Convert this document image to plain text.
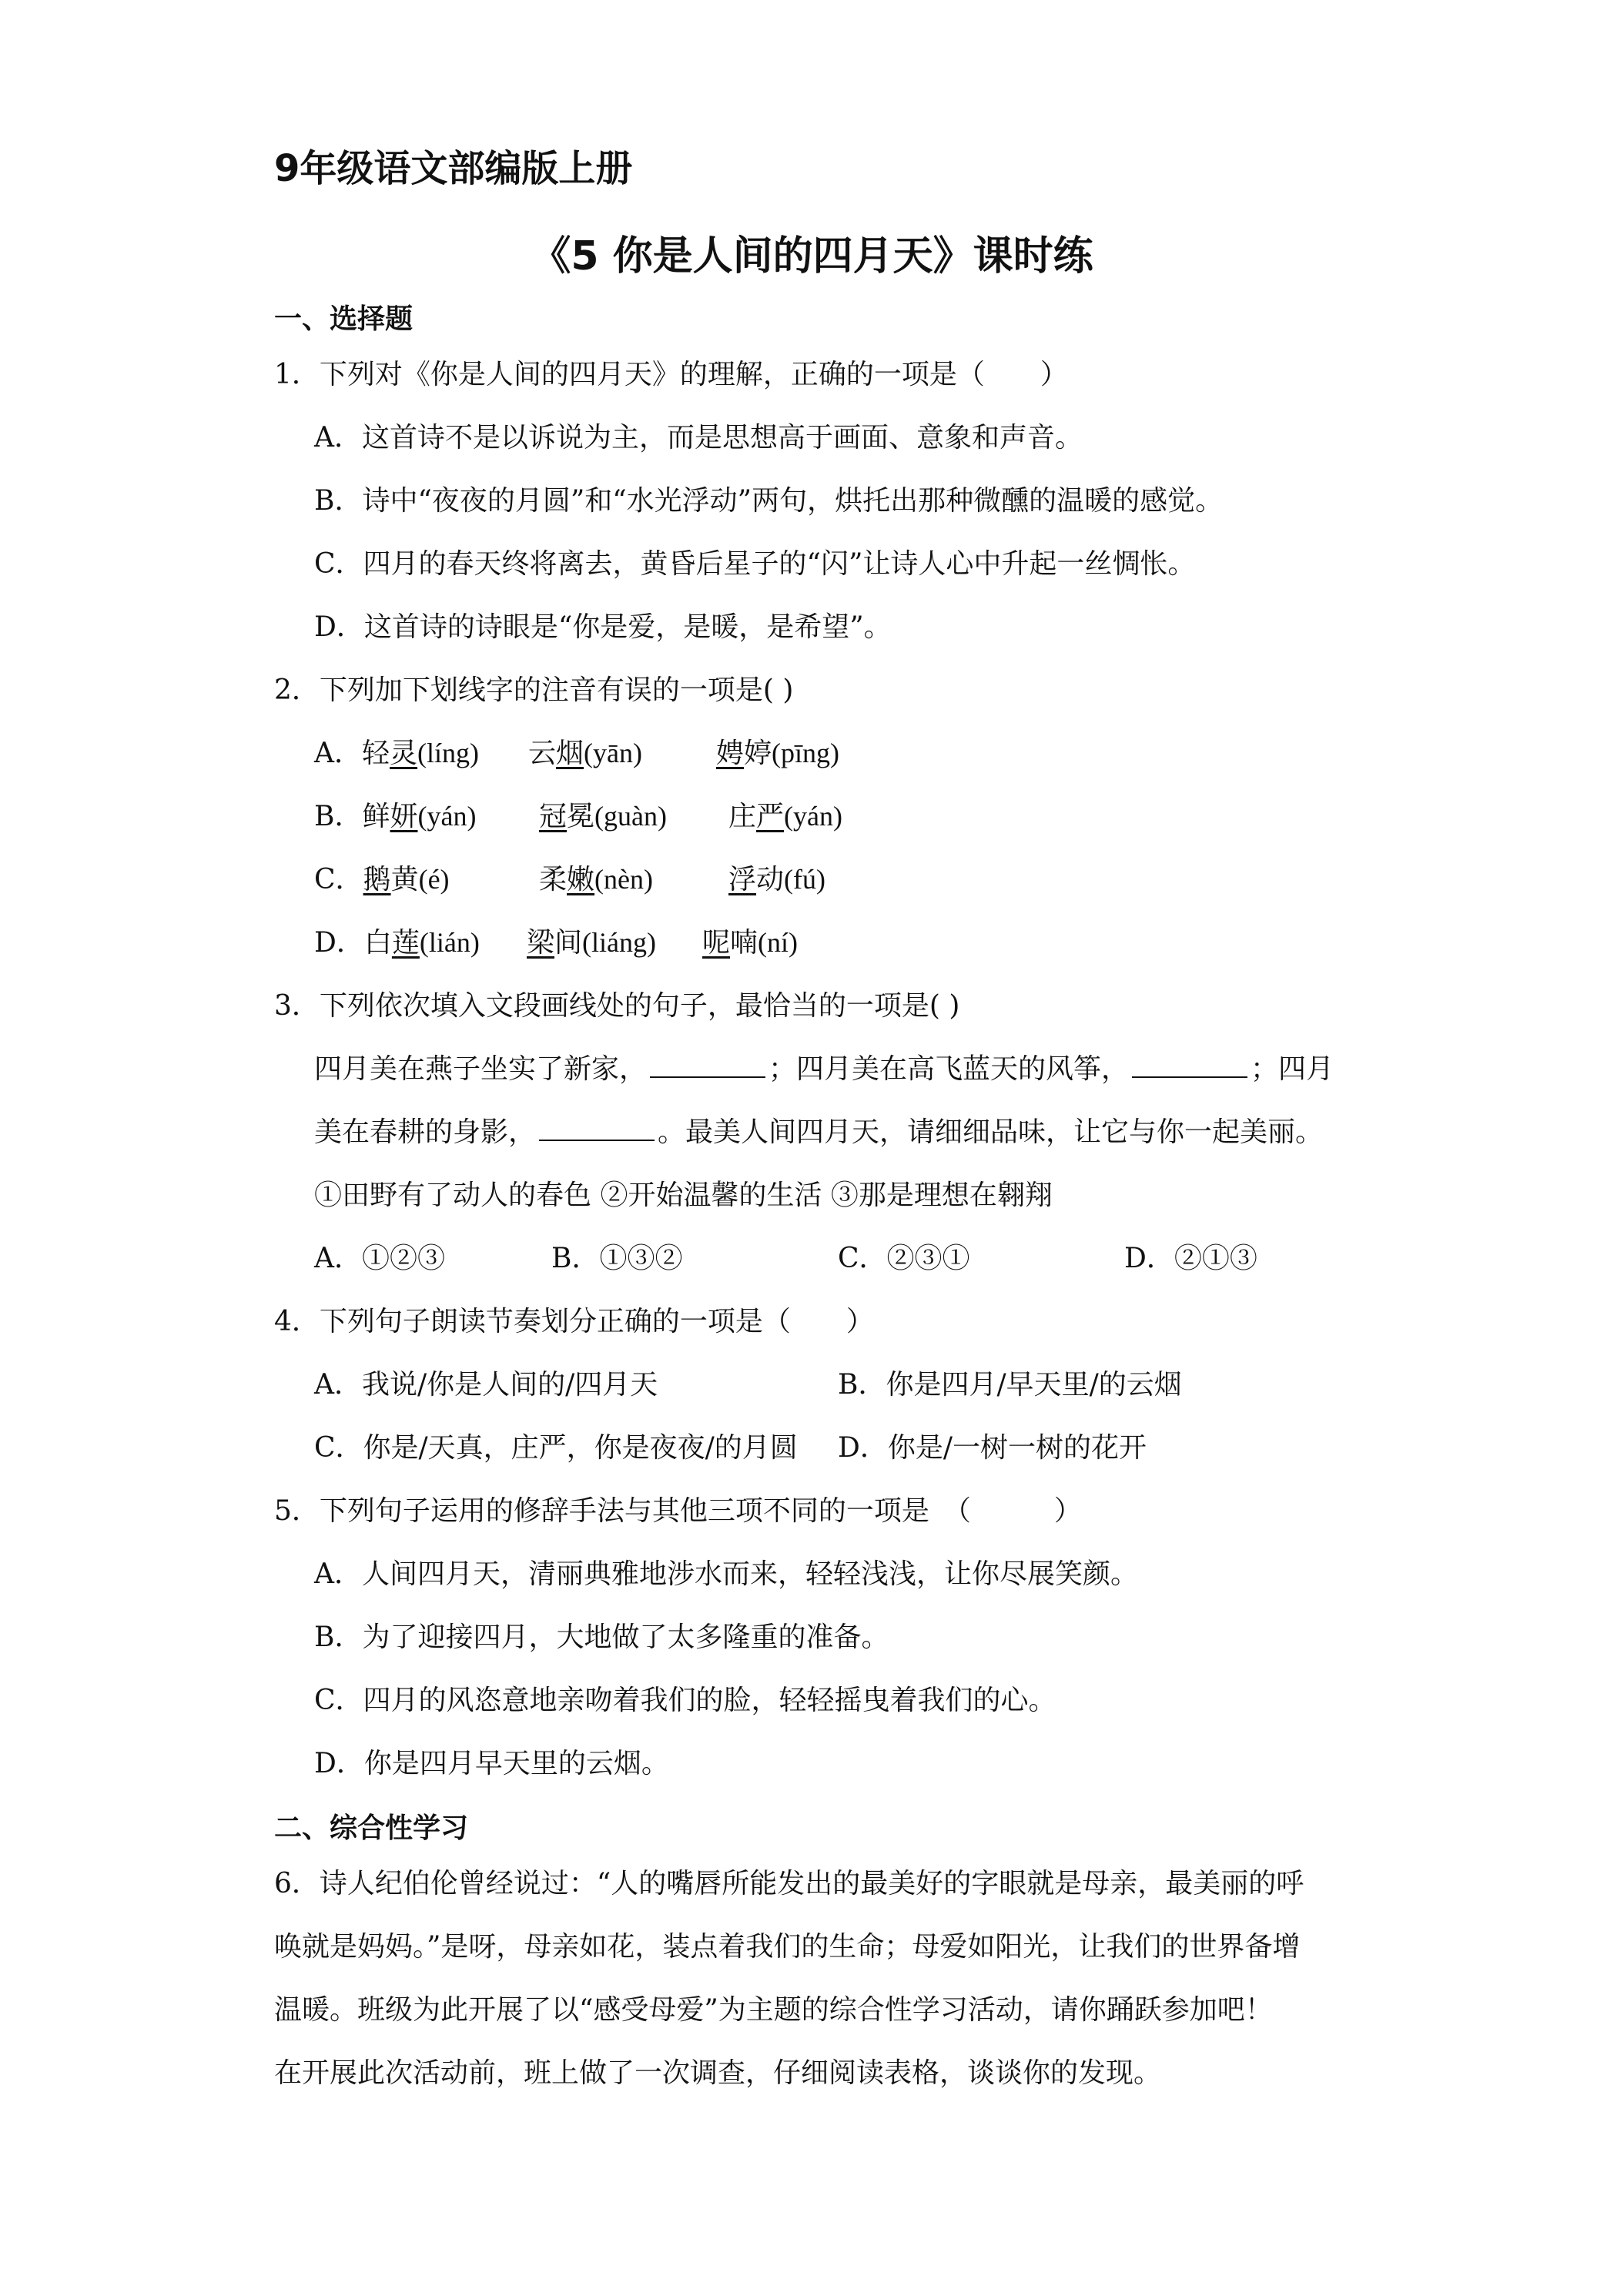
9年级语文部编版上册
《5 你是人间的四月天》课时练
一、选择题
1．下列对《你是人间的四月天》的理解，正确的一项是（　　）
A．这首诗不是以诉说为主，而是思想高于画面、意象和声音。
B．诗中“夜夜的月圆”和“水光浮动”两句，烘托出那种微醺的温暖的感觉。
C．四月的春天终将离去，黄昏后星子的“闪”让诗人心中升起一丝惆怅。
D．这首诗的诗眼是“你是爱，是暖，是希望”。
2．下列加下划线字的注音有误的一项是( )
A．轻灵(líng) 云烟(yān)	娉婷(pīng)
B．鲜妍(yán) 冠冕(guàn) 庄严(yán)
C．鹅黄(é)	柔嫩(nèn)	浮动(fú)
D．白莲(lián) 梁间(liáng) 呢喃(ní)
3．下列依次填入文段画线处的句子，最恰当的一项是( )
四月美在燕子坐实了新家，	；四月美在高飞蓝天的风筝，	；四月
美在春耕的身影，	。最美人间四月天，请细细品味，让它与你一起美丽。
①田野有了动人的春色 ②开始温馨的生活 ③那是理想在翱翔
A．①②③	B．①③②	C．②③①	D．②①③
4．下列句子朗读节奏划分正确的一项是（　　）
A．我说/你是人间的/四月天	B．你是四月/早天里/的云烟
C．你是/天真，庄严，你是夜夜/的月圆 D．你是/一树一树的花开
5．下列句子运用的修辞手法与其他三项不同的一项是　（　　　）
A．人间四月天，清丽典雅地涉水而来，轻轻浅浅，让你尽展笑颜。
B．为了迎接四月，大地做了太多隆重的准备。
C．四月的风恣意地亲吻着我们的脸，轻轻摇曳着我们的心。
D．你是四月早天里的云烟。
二、综合性学习
6．诗人纪伯伦曾经说过：“人的嘴唇所能发出的最美好的字眼就是母亲，最美丽的呼
唤就是妈妈。”是呀，母亲如花，装点着我们的生命；母爱如阳光，让我们的世界备增
温暖。班级为此开展了以“感受母爱”为主题的综合性学习活动，请你踊跃参加吧！
在开展此次活动前，班上做了一次调查，仔细阅读表格，谈谈你的发现。
